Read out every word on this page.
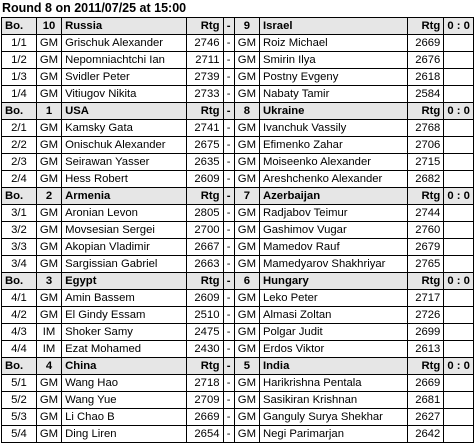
Round 8 on 2011/07/25 at 15:00
Bo.	10	Russia	Rtg	-	9	Israel	Rtg	0 : 0
1/1	GM	Grischuk Alexander	2746	-	GM	Roiz Michael	2669	
1/2	GM	Nepomniachtchi Ian	2711	-	GM	Smirin Ilya	2676	
1/3	GM	Svidler Peter	2739	-	GM	Postny Evgeny	2618	
1/4	GM	Vitiugov Nikita	2733	-	GM	Nabaty Tamir	2584	
Bo.	1	USA	Rtg	-	8	Ukraine	Rtg	0 : 0
2/1	GM	Kamsky Gata	2741	-	GM	Ivanchuk Vassily	2768	
2/2	GM	Onischuk Alexander	2675	-	GM	Efimenko Zahar	2706	
2/3	GM	Seirawan Yasser	2635	-	GM	Moiseenko Alexander	2715	
2/4	GM	Hess Robert	2609	-	GM	Areshchenko Alexander	2682	
Bo.	2	Armenia	Rtg	-	7	Azerbaijan	Rtg	0 : 0
3/1	GM	Aronian Levon	2805	-	GM	Radjabov Teimur	2744	
3/2	GM	Movsesian Sergei	2700	-	GM	Gashimov Vugar	2760	
3/3	GM	Akopian Vladimir	2667	-	GM	Mamedov Rauf	2679	
3/4	GM	Sargissian Gabriel	2663	-	GM	Mamedyarov Shakhriyar	2765	
Bo.	3	Egypt	Rtg	-	6	Hungary	Rtg	0 : 0
4/1	GM	Amin Bassem	2609	-	GM	Leko Peter	2717	
4/2	GM	El Gindy Essam	2510	-	GM	Almasi Zoltan	2726	
4/3	IM	Shoker Samy	2475	-	GM	Polgar Judit	2699	
4/4	IM	Ezat Mohamed	2430	-	GM	Erdos Viktor	2613	
Bo.	4	China	Rtg	-	5	India	Rtg	0 : 0
5/1	GM	Wang Hao	2718	-	GM	Harikrishna Pentala	2669	
5/2	GM	Wang Yue	2709	-	GM	Sasikiran Krishnan	2681	
5/3	GM	Li Chao B	2669	-	GM	Ganguly Surya Shekhar	2627	
5/4	GM	Ding Liren	2654	-	GM	Negi Parimarjan	2642	
